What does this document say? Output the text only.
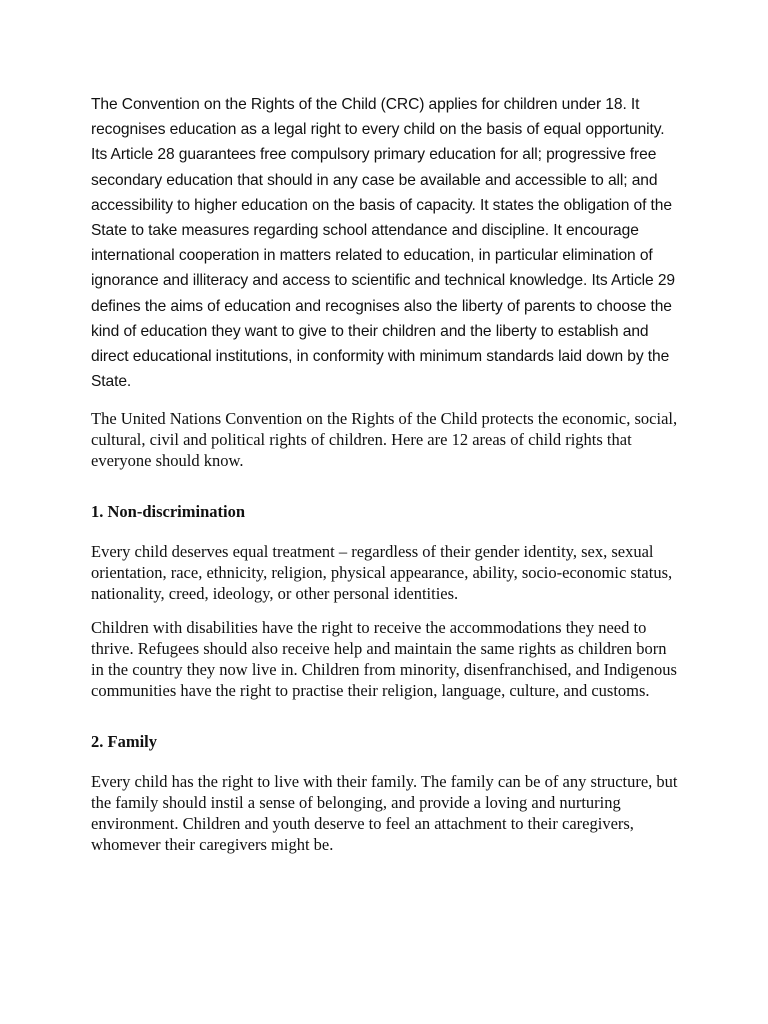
The Convention on the Rights of the Child (CRC) applies for children under 18. It recognises education as a legal right to every child on the basis of equal opportunity. Its Article 28 guarantees free compulsory primary education for all; progressive free secondary education that should in any case be available and accessible to all; and accessibility to higher education on the basis of capacity. It states the obligation of the State to take measures regarding school attendance and discipline. It encourage international cooperation in matters related to education, in particular elimination of ignorance and illiteracy and access to scientific and technical knowledge. Its Article 29 defines the aims of education and recognises also the liberty of parents to choose the kind of education they want to give to their children and the liberty to establish and direct educational institutions, in conformity with minimum standards laid down by the State.

The United Nations Convention on the Rights of the Child protects the economic, social, cultural, civil and political rights of children. Here are 12 areas of child rights that everyone should know.

1. Non-discrimination

Every child deserves equal treatment – regardless of their gender identity, sex, sexual orientation, race, ethnicity, religion, physical appearance, ability, socio-economic status, nationality, creed, ideology, or other personal identities.

Children with disabilities have the right to receive the accommodations they need to thrive. Refugees should also receive help and maintain the same rights as children born in the country they now live in. Children from minority, disenfranchised, and Indigenous communities have the right to practise their religion, language, culture, and customs.

2. Family

Every child has the right to live with their family. The family can be of any structure, but the family should instil a sense of belonging, and provide a loving and nurturing environment. Children and youth deserve to feel an attachment to their caregivers, whomever their caregivers might be.
